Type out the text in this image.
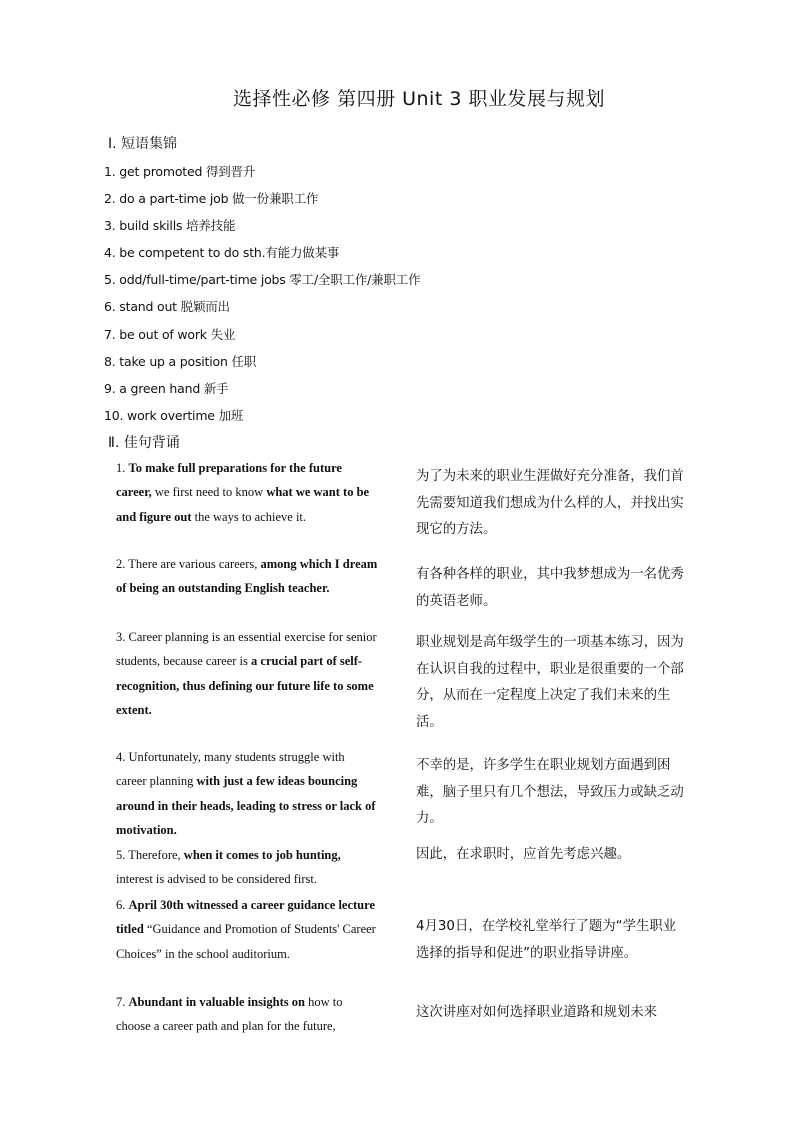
选择性必修 第四册 Unit 3 职业发展与规划
Ⅰ. 短语集锦
1. get promoted 得到晋升
2. do a part-time job 做一份兼职工作
3. build skills 培养技能
4. be competent to do sth.有能力做某事
5. odd/full-time/part-time jobs 零工/全职工作/兼职工作
6. stand out 脱颖而出
7. be out of work 失业
8. take up a position 任职
9. a green hand 新手
10. work overtime 加班
Ⅱ. 佳句背诵
1. To make full preparations for the future career, we first need to know what we want to be and figure out the ways to achieve it.
为了为未来的职业生涯做好充分准备，我们首先需要知道我们想成为什么样的人，并找出实现它的方法。
2. There are various careers, among which I dream of being an outstanding English teacher.
有各种各样的职业，其中我梦想成为一名优秀的英语老师。
3. Career planning is an essential exercise for senior students, because career is a crucial part of self-recognition, thus defining our future life to some extent.
职业规划是高年级学生的一项基本练习，因为在认识自我的过程中，职业是很重要的一个部分，从而在一定程度上决定了我们未来的生活。
4. Unfortunately, many students struggle with career planning with just a few ideas bouncing around in their heads, leading to stress or lack of motivation.
不幸的是，许多学生在职业规划方面遇到困难，脑子里只有几个想法，导致压力或缺乏动力。
5. Therefore, when it comes to job hunting, interest is advised to be considered first.
因此，在求职时，应首先考虑兴趣。
6. April 30th witnessed a career guidance lecture titled “Guidance and Promotion of Students' Career Choices” in the school auditorium.
4月30日，在学校礼堂举行了题为“学生职业选择的指导和促进”的职业指导讲座。
7. Abundant in valuable insights on how to choose a career path and plan for the future,
这次讲座对如何选择职业道路和规划未来
